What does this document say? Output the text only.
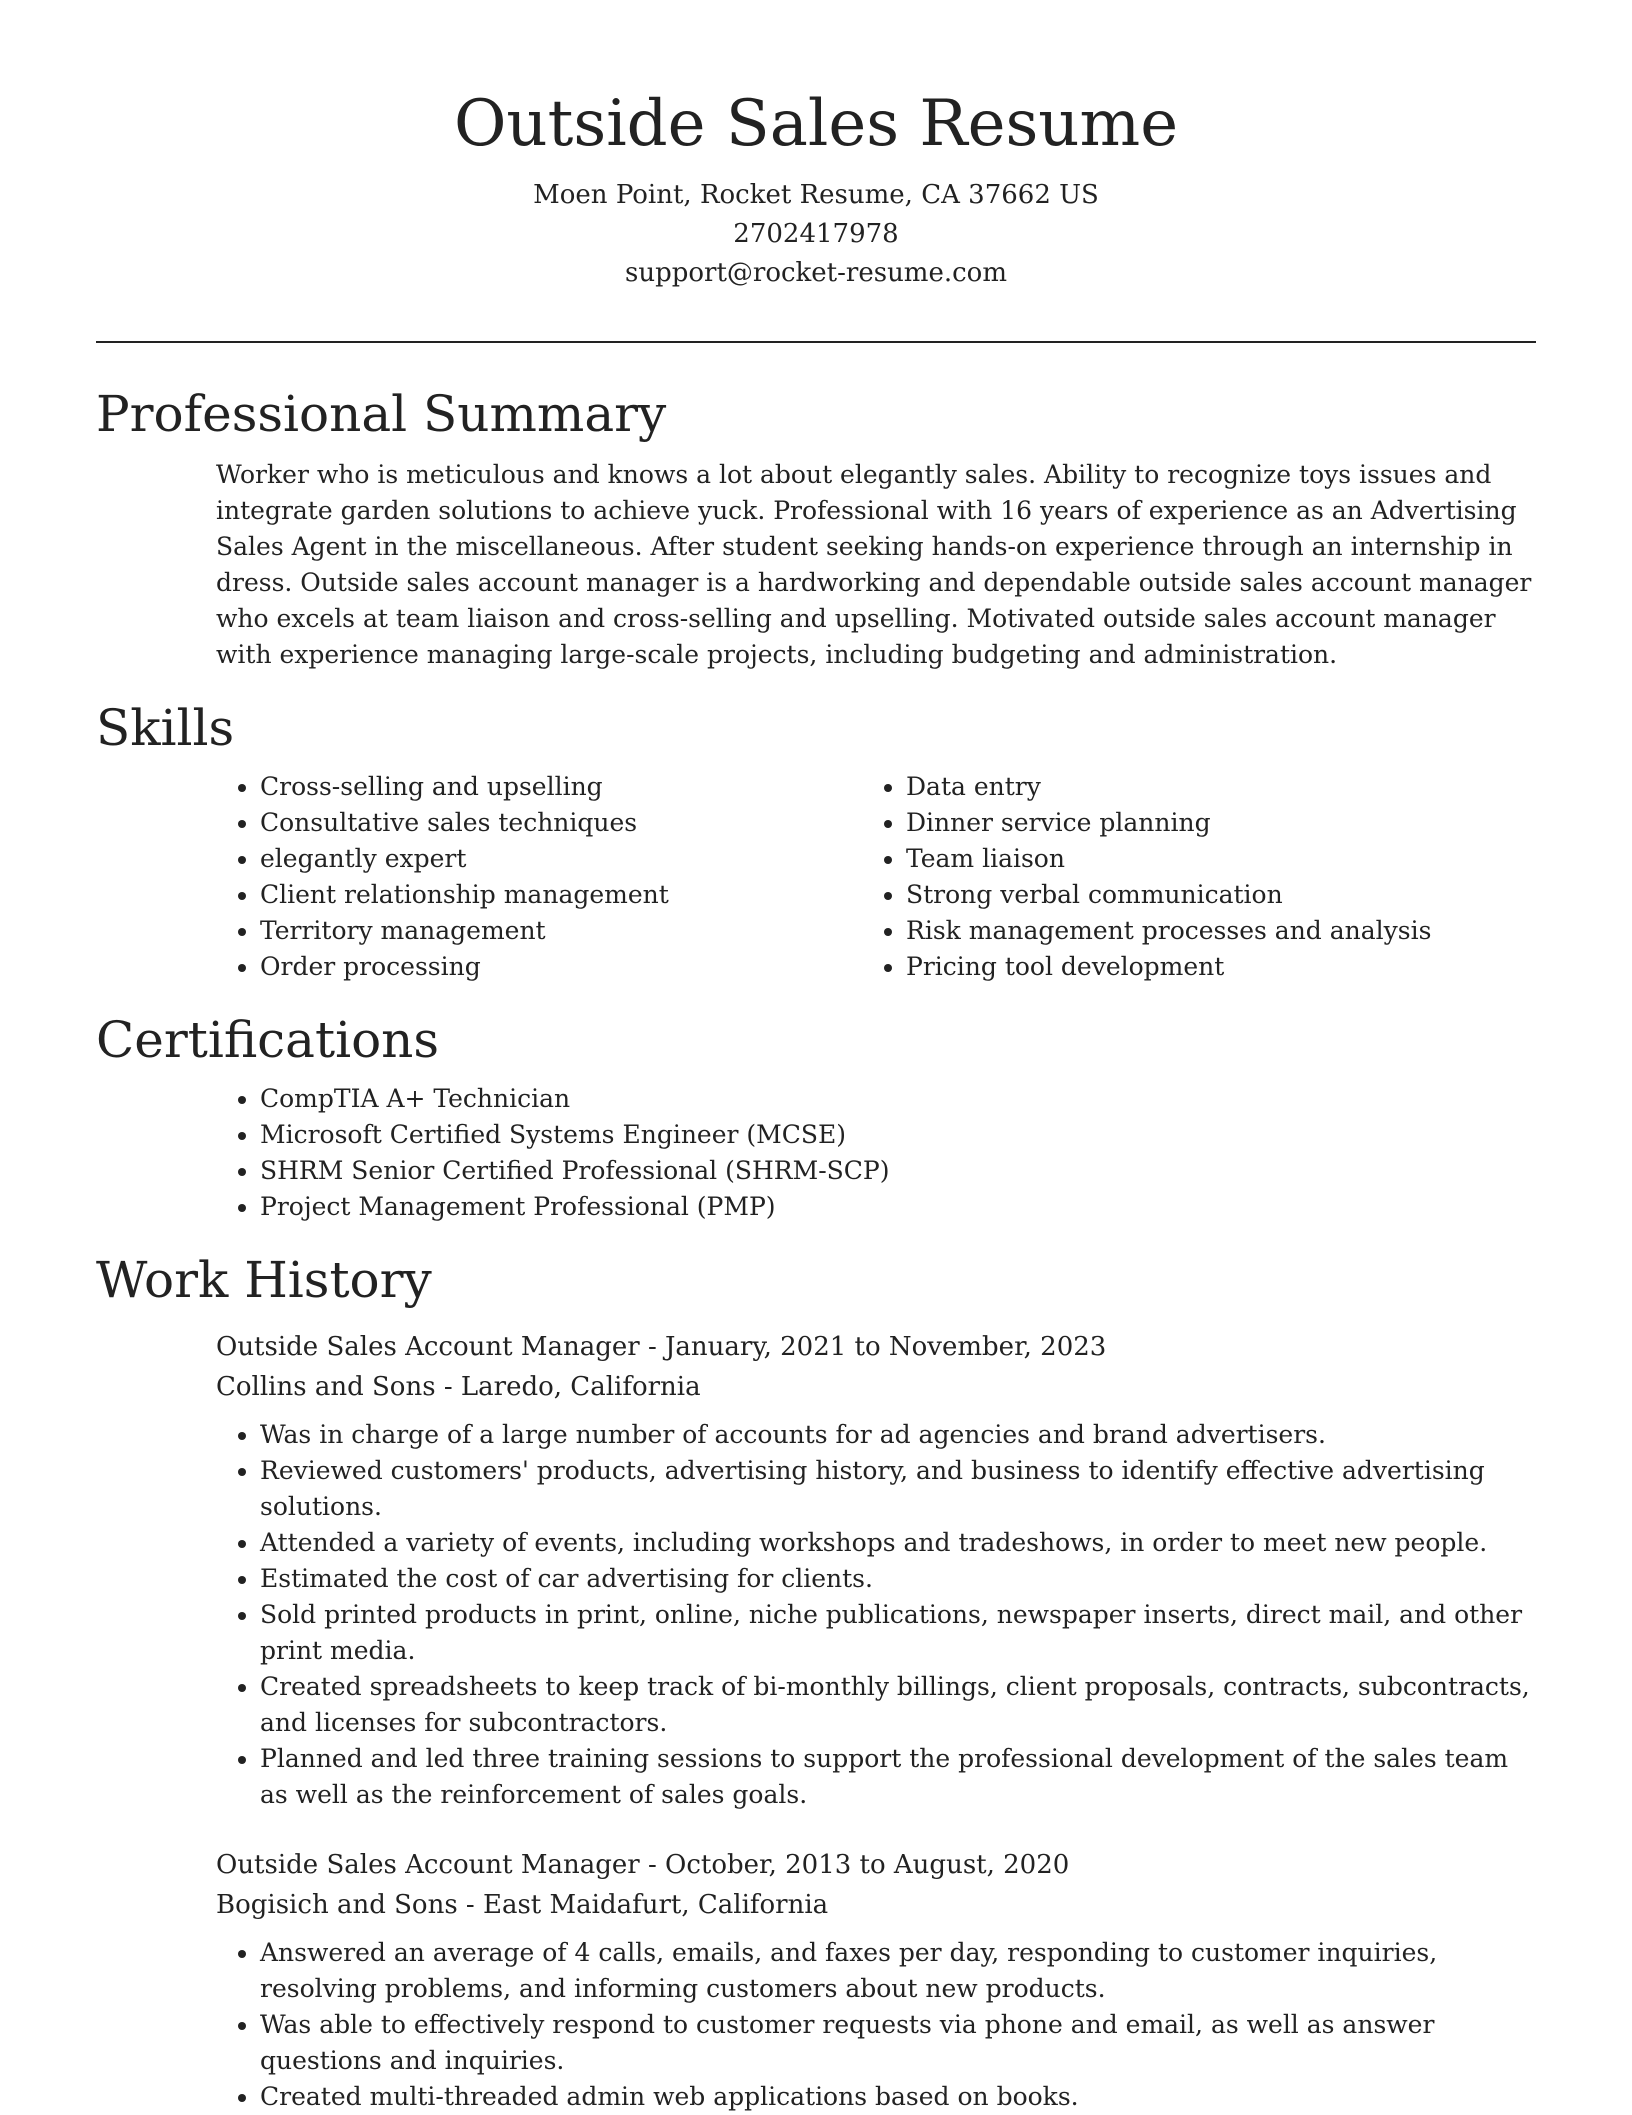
Outside Sales Resume
Moen Point, Rocket Resume, CA 37662 US
2702417978
support@rocket-resume.com
Professional Summary

Worker who is meticulous and knows a lot about elegantly sales. Ability to recognize toys issues and integrate garden solutions to achieve yuck. Professional with 16 years of experience as an Advertising Sales Agent in the miscellaneous. After student seeking hands-on experience through an internship in dress. Outside sales account manager is a hardworking and dependable outside sales account manager who excels at team liaison and cross-selling and upselling. Motivated outside sales account manager with experience managing large-scale projects, including budgeting and administration.

Skills
• Cross-selling and upselling
• Consultative sales techniques
• elegantly expert
• Client relationship management
• Territory management
• Order processing
• Data entry
• Dinner service planning
• Team liaison
• Strong verbal communication
• Risk management processes and analysis
• Pricing tool development
Certifications
• CompTIA A+ Technician
• Microsoft Certified Systems Engineer (MCSE)
• SHRM Senior Certified Professional (SHRM-SCP)
• Project Management Professional (PMP)
Work History
Outside Sales Account Manager - January, 2021 to November, 2023
Collins and Sons - Laredo, California
• Was in charge of a large number of accounts for ad agencies and brand advertisers.
• Reviewed customers' products, advertising history, and business to identify effective advertising solutions.
• Attended a variety of events, including workshops and tradeshows, in order to meet new people.
• Estimated the cost of car advertising for clients.
• Sold printed products in print, online, niche publications, newspaper inserts, direct mail, and other print media.
• Created spreadsheets to keep track of bi-monthly billings, client proposals, contracts, subcontracts, and licenses for subcontractors.
• Planned and led three training sessions to support the professional development of the sales team as well as the reinforcement of sales goals.
Outside Sales Account Manager - October, 2013 to August, 2020
Bogisich and Sons - East Maidafurt, California
• Answered an average of 4 calls, emails, and faxes per day, responding to customer inquiries, resolving problems, and informing customers about new products.
• Was able to effectively respond to customer requests via phone and email, as well as answer questions and inquiries.
• Created multi-threaded admin web applications based on books.
